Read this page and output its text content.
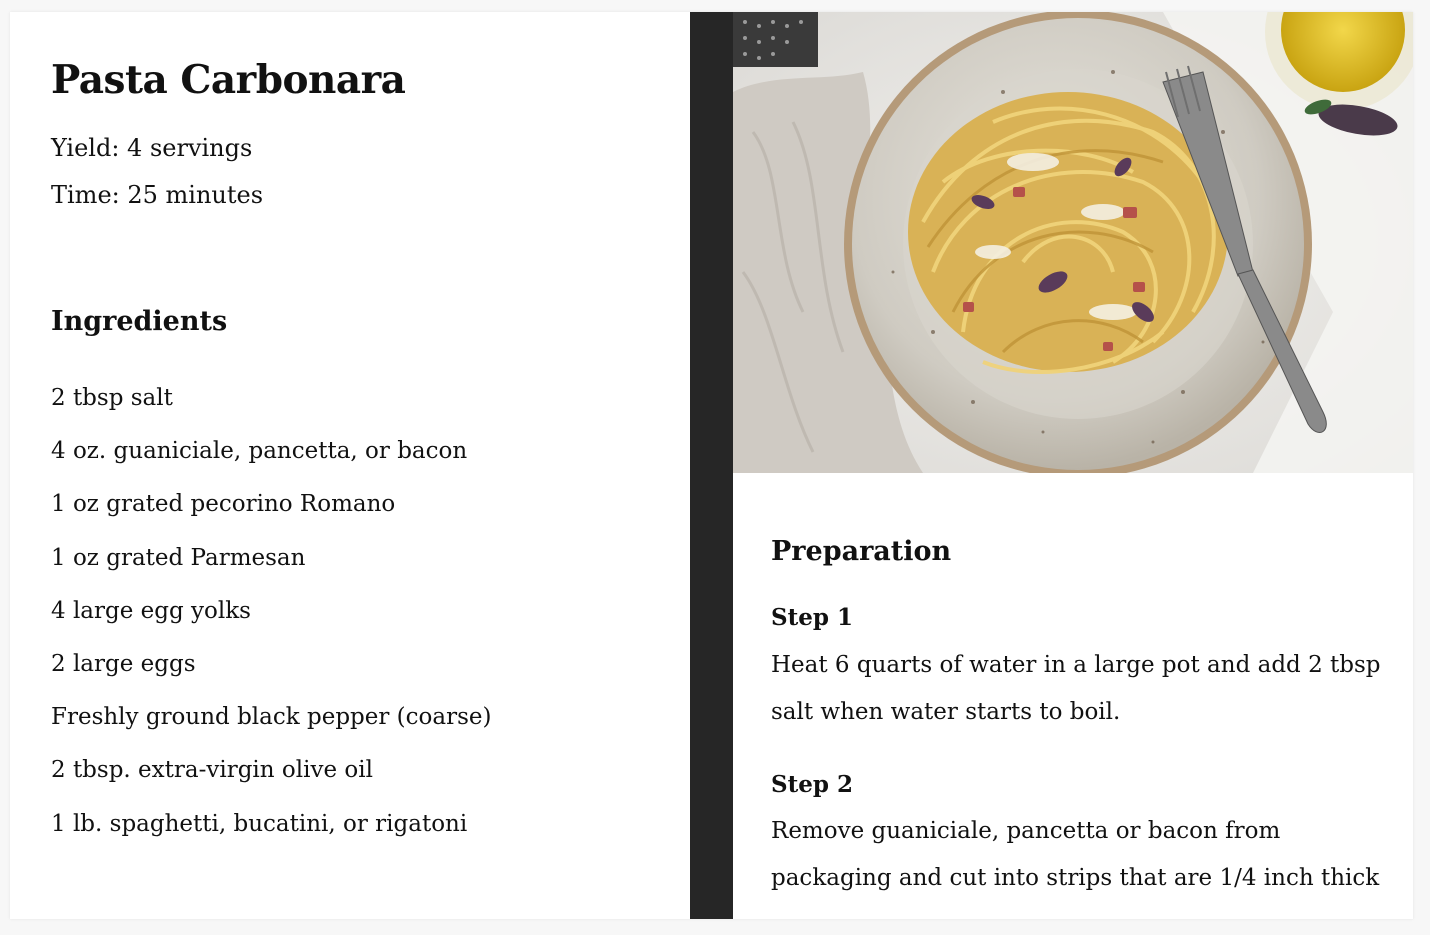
Pasta Carbonara

Yield: 4 servings

Time: 25 minutes

Ingredients
2 tbsp salt
4 oz. guaniciale, pancetta, or bacon
1 oz grated pecorino Romano
1 oz grated Parmesan
4 large egg yolks
2 large eggs
Freshly ground black pepper (coarse)
2 tbsp. extra-virgin olive oil
1 lb. spaghetti, bucatini, or rigatoni
Preparation
Step 1

Heat 6 quarts of water in a large pot and add 2 tbsp salt when water starts to boil.

Step 2

Remove guaniciale, pancetta or bacon from packaging and cut into strips that are 1/4 inch thick
